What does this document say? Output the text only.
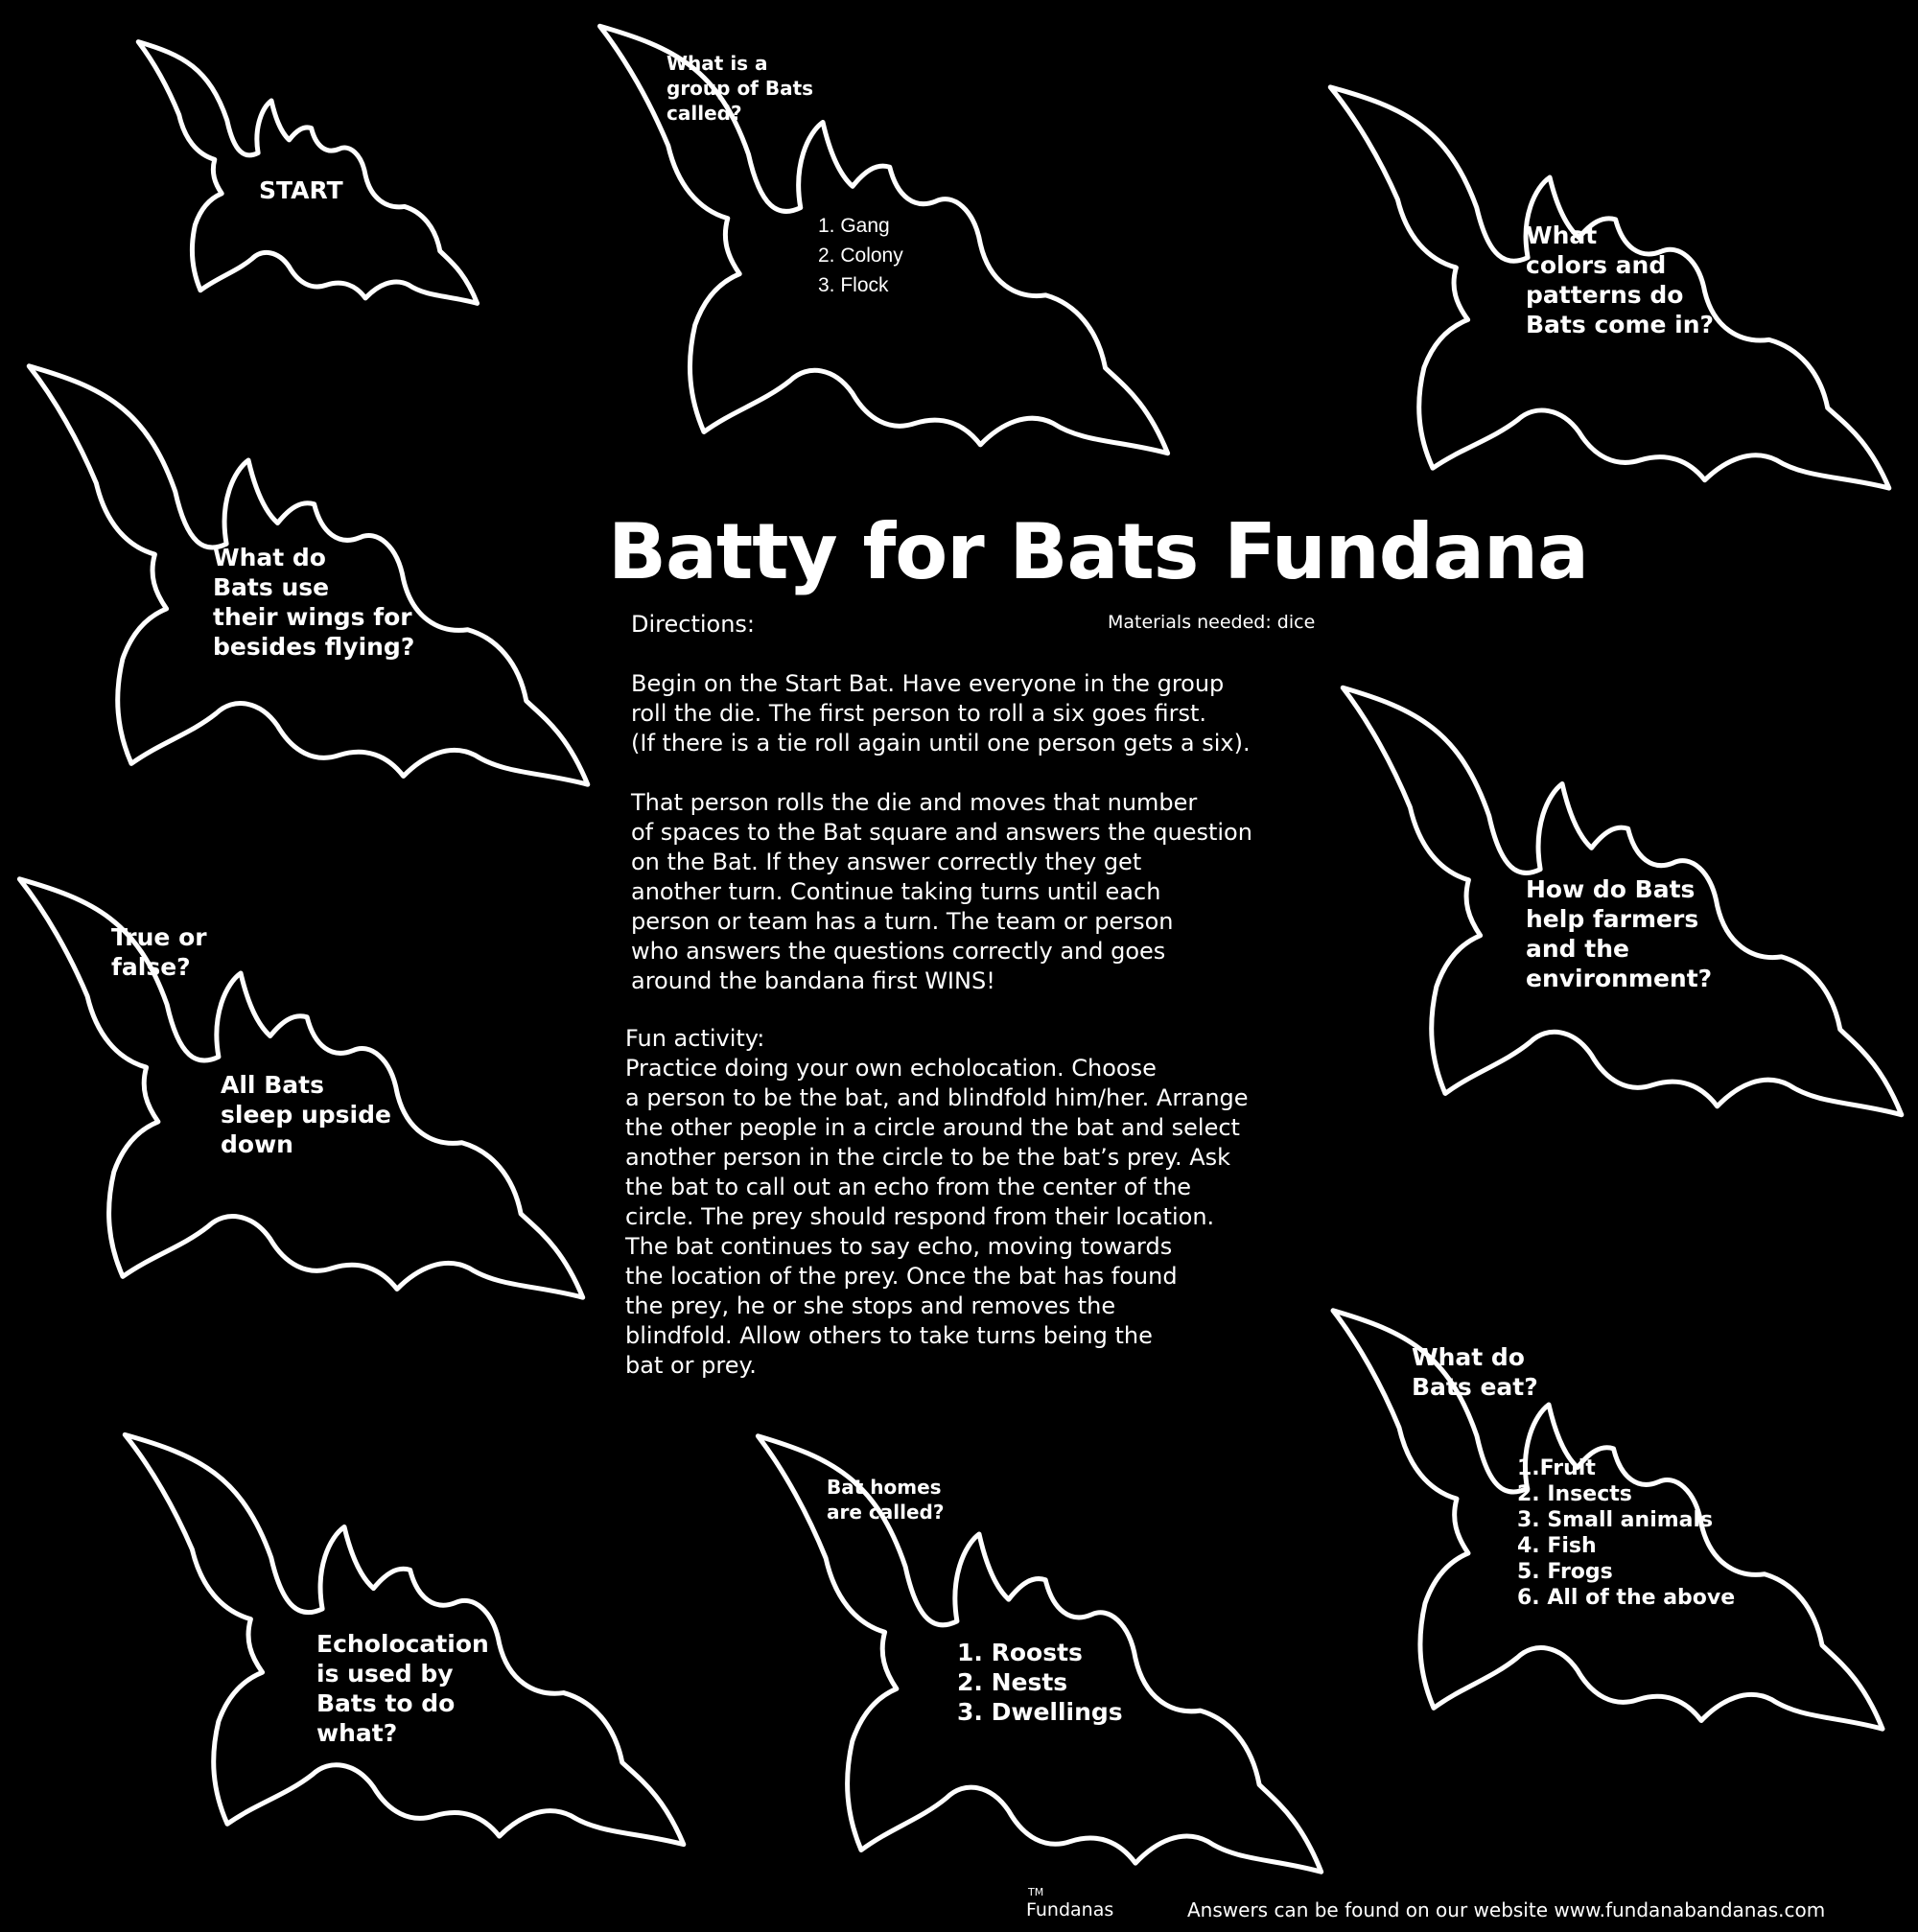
START
What is a
group of Bats
called?
1. Gang
2. Colony
3. Flock
What
colors and
patterns do
Bats come in?
What do
Bats use
their wings for
besides flying?
True or
false?
All Bats
sleep upside
down
How do Bats
help farmers
and the
environment?
What do
Bats eat?
1.Fruit
2. Insects
3. Small animals
4. Fish
5. Frogs
6. All of the above
Bat homes
are called?
1. Roosts
2. Nests
3. Dwellings
Echolocation
is used by
Bats to do
what?
Batty for Bats Fundana
Directions:	Materials needed: dice
Begin on the Start Bat. Have everyone in the group
roll the die. The first person to roll a six goes first.
(If there is a tie roll again until one person gets a six).
That person rolls the die and moves that number
of spaces to the Bat square and answers the question
on the Bat. If they answer correctly they get
another turn. Continue taking turns until each
person or team has a turn. The team or person
who answers the questions correctly and goes
around the bandana first WINS!
Fun activity:
Practice doing your own echolocation. Choose
a person to be the bat, and blindfold him/her. Arrange
the other people in a circle around the bat and select
another person in the circle to be the bat’s prey. Ask
the bat to call out an echo from the center of the
circle. The prey should respond from their location.
The bat continues to say echo, moving towards
the location of the prey. Once the bat has found
the prey, he or she stops and removes the
blindfold. Allow others to take turns being the
bat or prey.
TM
Fundanas	Answers can be found on our website www.fundanabandanas.com
